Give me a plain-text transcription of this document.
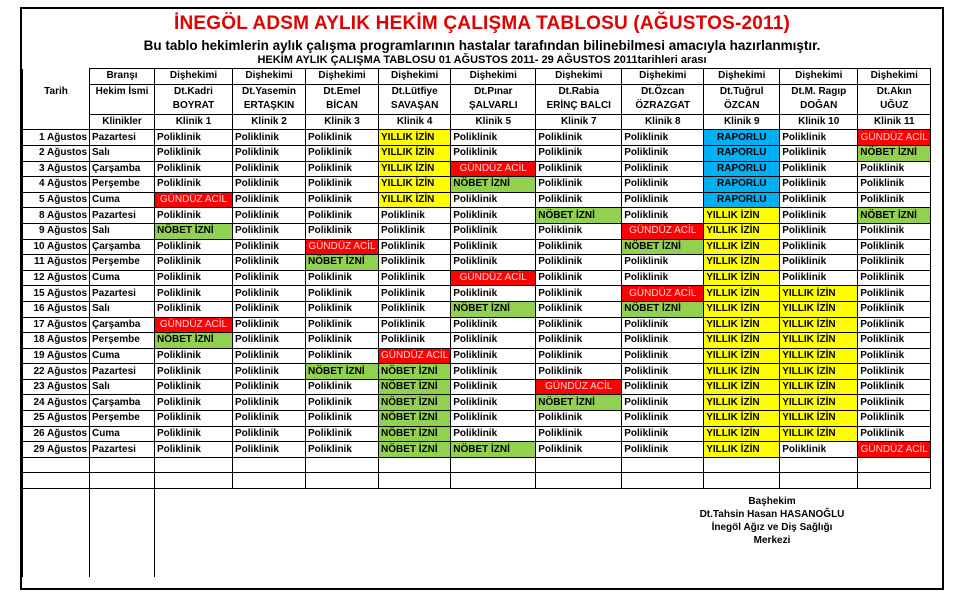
İNEGÖL ADSM AYLIK HEKİM ÇALIŞMA TABLOSU (AĞUSTOS-2011)
Bu tablo hekimlerin aylık çalışma programlarının hastalar tarafından bilinebilmesi amacıyla hazırlanmıştır.
HEKİM AYLIK ÇALIŞMA TABLOSU 01 AĞUSTOS 2011- 29 AĞUSTOS 2011tarihleri arası
	Branşı	Dişhekimi	Dişhekimi	Dişhekimi	Dişhekimi	Dişhekimi	Dişhekimi	Dişhekimi	Dişhekimi	Dişhekimi	Dişhekimi
Tarih	Hekim İsmi	Dt.Kadri	Dt.Yasemin	Dt.Emel	Dt.Lütfiye	Dt.Pınar	Dt.Rabia	Dt.Özcan	Dt.Tuğrul	Dt.M. Ragıp	Dt.Akın
		BOYRAT	ERTAŞKIN	BİCAN	SAVAŞAN	ŞALVARLI	ERİNÇ BALCI	ÖZRAZGAT	ÖZCAN	DOĞAN	UĞUZ
	Klinikler	Klinik 1	Klinik 2	Klinik 3	Klinik 4	Klinik 5	Klinik 7	Klinik 8	Klinik 9	Klinik 10	Klinik 11
1 Ağustos	Pazartesi	Poliklinik	Poliklinik	Poliklinik	YILLIK İZİN	Poliklinik	Poliklinik	Poliklinik	RAPORLU	Poliklinik	GÜNDÜZ ACİL
2 Ağustos	Salı	Poliklinik	Poliklinik	Poliklinik	YILLIK İZİN	Poliklinik	Poliklinik	Poliklinik	RAPORLU	Poliklinik	NÖBET İZNİ
3 Ağustos	Çarşamba	Poliklinik	Poliklinik	Poliklinik	YILLIK İZİN	GÜNDÜZ ACİL	Poliklinik	Poliklinik	RAPORLU	Poliklinik	Poliklinik
4 Ağustos	Perşembe	Poliklinik	Poliklinik	Poliklinik	YILLIK İZİN	NÖBET İZNİ	Poliklinik	Poliklinik	RAPORLU	Poliklinik	Poliklinik
5 Ağustos	Cuma	GÜNDÜZ ACİL	Poliklinik	Poliklinik	YILLIK İZİN	Poliklinik	Poliklinik	Poliklinik	RAPORLU	Poliklinik	Poliklinik
8 Ağustos	Pazartesi	Poliklinik	Poliklinik	Poliklinik	Poliklinik	Poliklinik	NÖBET İZNİ	Poliklinik	YILLIK İZİN	Poliklinik	NÖBET İZNİ
9 Ağustos	Salı	NÖBET İZNİ	Poliklinik	Poliklinik	Poliklinik	Poliklinik	Poliklinik	GÜNDÜZ ACİL	YILLIK İZİN	Poliklinik	Poliklinik
10 Ağustos	Çarşamba	Poliklinik	Poliklinik	GÜNDÜZ ACİL	Poliklinik	Poliklinik	Poliklinik	NÖBET İZNİ	YILLIK İZİN	Poliklinik	Poliklinik
11 Ağustos	Perşembe	Poliklinik	Poliklinik	NÖBET İZNİ	Poliklinik	Poliklinik	Poliklinik	Poliklinik	YILLIK İZİN	Poliklinik	Poliklinik
12 Ağustos	Cuma	Poliklinik	Poliklinik	Poliklinik	Poliklinik	GÜNDÜZ ACİL	Poliklinik	Poliklinik	YILLIK İZİN	Poliklinik	Poliklinik
15 Ağustos	Pazartesi	Poliklinik	Poliklinik	Poliklinik	Poliklinik	Poliklinik	Poliklinik	GÜNDÜZ ACİL	YILLIK İZİN	YILLIK İZİN	Poliklinik
16 Ağustos	Salı	Poliklinik	Poliklinik	Poliklinik	Poliklinik	NÖBET İZNİ	Poliklinik	NÖBET İZNİ	YILLIK İZİN	YILLIK İZİN	Poliklinik
17 Ağustos	Çarşamba	GÜNDÜZ ACİL	Poliklinik	Poliklinik	Poliklinik	Poliklinik	Poliklinik	Poliklinik	YILLIK İZİN	YILLIK İZİN	Poliklinik
18 Ağustos	Perşembe	NÖBET İZNİ	Poliklinik	Poliklinik	Poliklinik	Poliklinik	Poliklinik	Poliklinik	YILLIK İZİN	YILLIK İZİN	Poliklinik
19 Ağustos	Cuma	Poliklinik	Poliklinik	Poliklinik	GÜNDÜZ ACİL	Poliklinik	Poliklinik	Poliklinik	YILLIK İZİN	YILLIK İZİN	Poliklinik
22 Ağustos	Pazartesi	Poliklinik	Poliklinik	NÖBET İZNİ	NÖBET İZNİ	Poliklinik	Poliklinik	Poliklinik	YILLIK İZİN	YILLIK İZİN	Poliklinik
23 Ağustos	Salı	Poliklinik	Poliklinik	Poliklinik	NÖBET İZNİ	Poliklinik	GÜNDÜZ ACİL	Poliklinik	YILLIK İZİN	YILLIK İZİN	Poliklinik
24 Ağustos	Çarşamba	Poliklinik	Poliklinik	Poliklinik	NÖBET İZNİ	Poliklinik	NÖBET İZNİ	Poliklinik	YILLIK İZİN	YILLIK İZİN	Poliklinik
25 Ağustos	Perşembe	Poliklinik	Poliklinik	Poliklinik	NÖBET İZNİ	Poliklinik	Poliklinik	Poliklinik	YILLIK İZİN	YILLIK İZİN	Poliklinik
26 Ağustos	Cuma	Poliklinik	Poliklinik	Poliklinik	NÖBET İZNİ	Poliklinik	Poliklinik	Poliklinik	YILLIK İZİN	YILLIK İZİN	Poliklinik
29 Ağustos	Pazartesi	Poliklinik	Poliklinik	Poliklinik	NÖBET İZNİ	NÖBET İZNİ	Poliklinik	Poliklinik	YILLIK İZİN	Poliklinik	GÜNDÜZ ACİL

Başhekim
Dt.Tahsin Hasan HASANOĞLU
İnegöl Ağız ve Diş Sağlığı
Merkezi
